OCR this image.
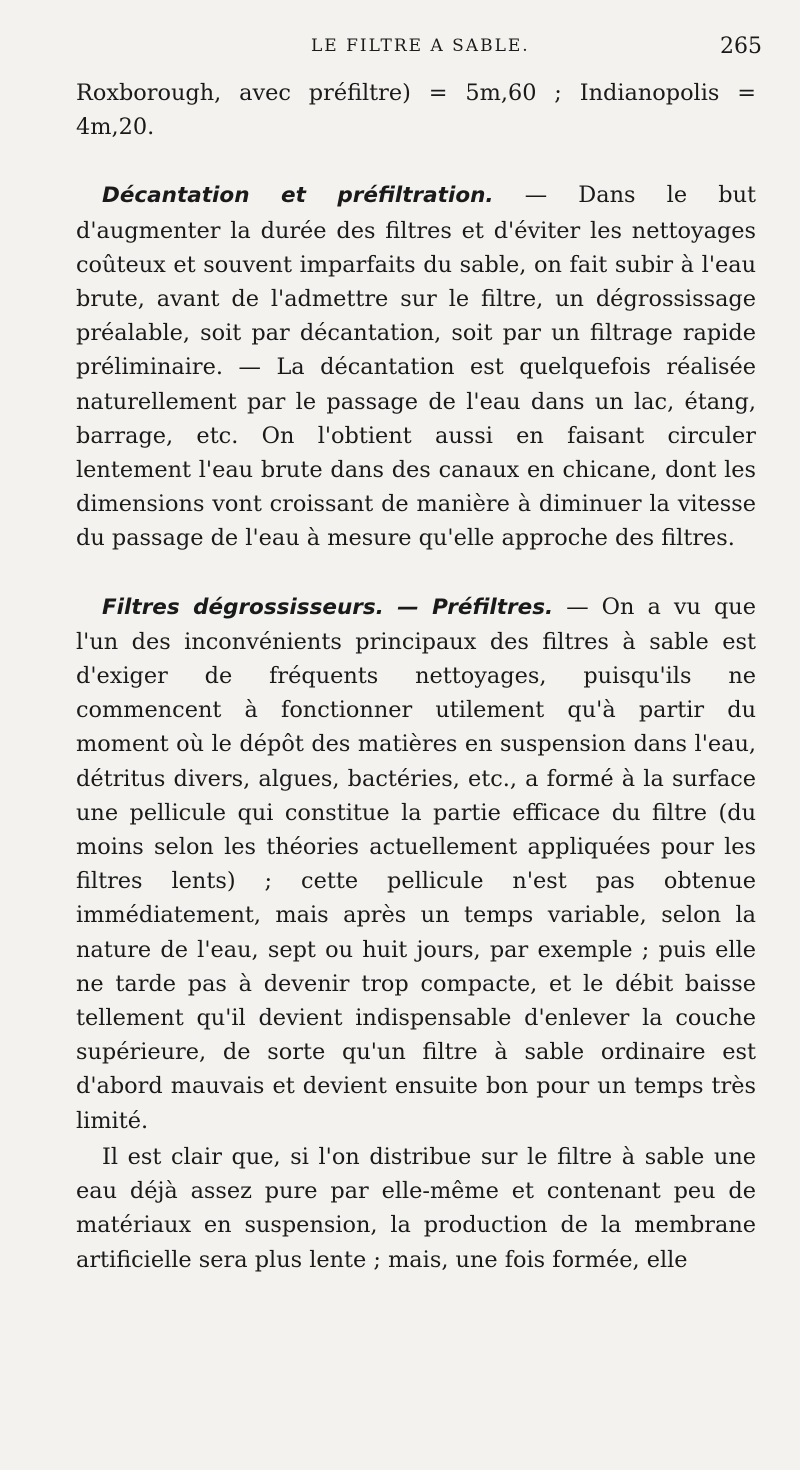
LE FILTRE A SABLE.	265

Roxborough, avec préfiltre) = 5m,60 ; Indianopolis = 4m,20.

Décantation et préfiltration. — Dans le but d'augmenter la durée des filtres et d'éviter les nettoyages coûteux et souvent imparfaits du sable, on fait subir à l'eau brute, avant de l'admettre sur le filtre, un dégrossissage préalable, soit par décantation, soit par un filtrage rapide préliminaire. — La décantation est quelquefois réalisée naturellement par le passage de l'eau dans un lac, étang, barrage, etc. On l'obtient aussi en faisant circuler lentement l'eau brute dans des canaux en chicane, dont les dimensions vont croissant de manière à diminuer la vitesse du passage de l'eau à mesure qu'elle approche des filtres.

Filtres dégrossisseurs. — Préfiltres. — On a vu que l'un des inconvénients principaux des filtres à sable est d'exiger de fréquents nettoyages, puisqu'ils ne commencent à fonctionner utilement qu'à partir du moment où le dépôt des matières en suspension dans l'eau, détritus divers, algues, bactéries, etc., a formé à la surface une pellicule qui constitue la partie efficace du filtre (du moins selon les théories actuellement appliquées pour les filtres lents) ; cette pellicule n'est pas obtenue immédiatement, mais après un temps variable, selon la nature de l'eau, sept ou huit jours, par exemple ; puis elle ne tarde pas à devenir trop compacte, et le débit baisse tellement qu'il devient indispensable d'enlever la couche supérieure, de sorte qu'un filtre à sable ordinaire est d'abord mauvais et devient ensuite bon pour un temps très limité.

Il est clair que, si l'on distribue sur le filtre à sable une eau déjà assez pure par elle-même et contenant peu de matériaux en suspension, la production de la membrane artificielle sera plus lente ; mais, une fois formée, elle
